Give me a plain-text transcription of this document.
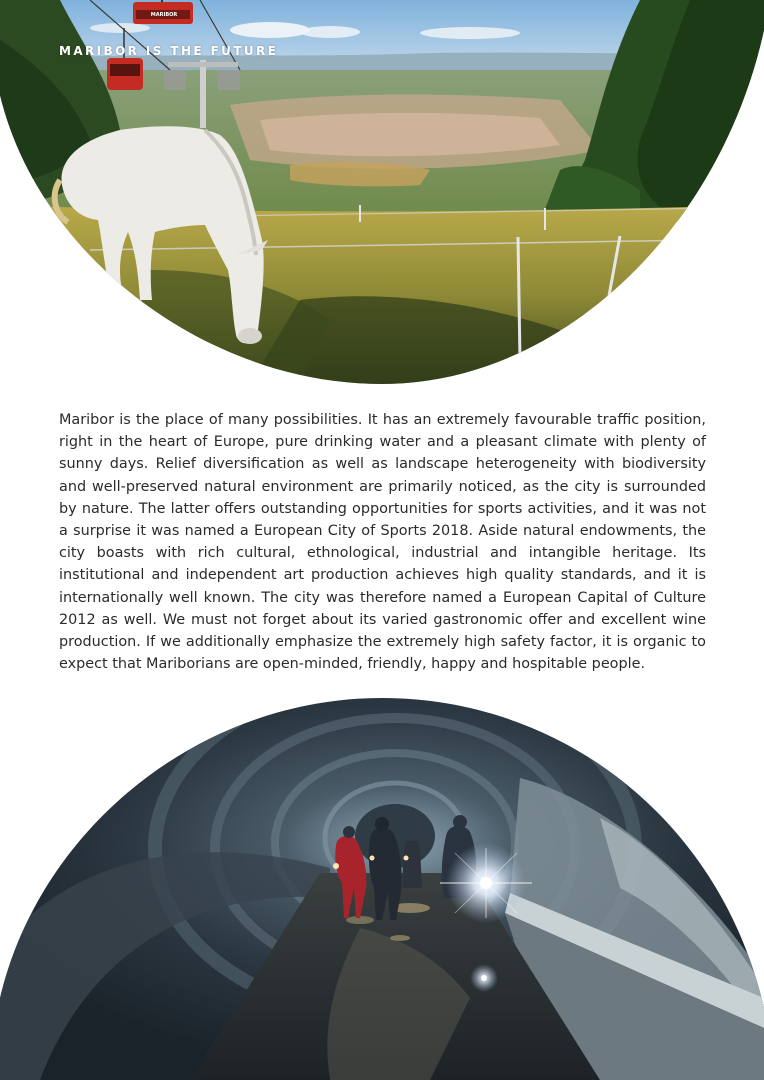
MARIBOR
MARIBOR IS THE FUTURE

Maribor is the place of many possibilities. It has an extremely favourable traffic position, right in the heart of Europe, pure drinking water and a pleasant climate with plenty of sunny days. Relief diversification as well as landscape heterogeneity with biodiversity and well-preserved natural environment are primarily noticed, as the city is surrounded by nature. The latter offers outstanding opportunities for sports activities, and it was not a surprise it was named a European City of Sports 2018. Aside natural endowments, the city boasts with rich cultural, ethnological, industrial and intangible heritage. Its institutional and independent art production achieves high quality standards, and it is internationally well known. The city was therefore named a European Capital of Culture 2012 as well. We must not forget about its varied gastronomic offer and excellent wine production. If we additionally emphasize the extremely high safety factor, it is organic to expect that Mariborians are open-minded, friendly, happy and hospitable people.
